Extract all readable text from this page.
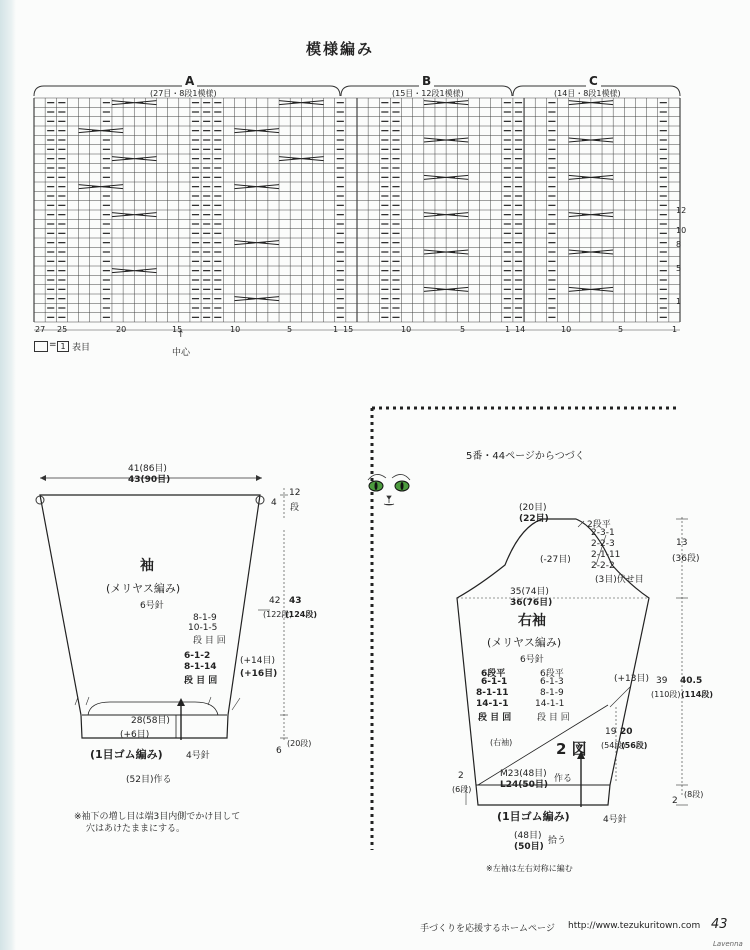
模様編み
A
(27目・8段1模様)
B
(15目・12段1模様)
C
(14目・8段1模様)
27 25	20	15	10	5	1 15	10	5	1 14	10	5	1
12
10
8
5
1
= 1 表目
↑
中心
41(86目)
43(90目)
4
12
段
袖
(メリヤス編み)
6号針
8-1-9
10-1-5
段 目 回
6-1-2
8-1-14
段 目 回
(+14目)
(+16目)
42
(122段)
43
(124段)
28(58目)
(+6目)
(1目ゴム編み)	4号針	6
(20段)
(52目)作る
※袖下の増し目は端3目内側でかけ目して
穴はあけたままにする。
5番・44ページからつづく
(20目)
(22目)
2段平
2-3-1
2-2-3
2-1-11
2-2-2
(3目)伏せ目
(-27目)
13
(36段)
35(74目)
36(76目)
右袖
(メリヤス編み)
6号針
6段平
6-1-1
8-1-11
14-1-1
段 目 回
6段平
6-1-3
8-1-9
14-1-1
段 目 回
(+13目) 39
(110段)
40.5
(114段)
19
(54段)
20
(56段)
(右袖)	2 図
M23(48目)
L24(50目)
作る
(1目ゴム編み)	4号針
2
(6段)
2
(8段)
(48目)
(50目)
拾う
※左袖は左右対称に編む
手づくりを応援するホームページ http://www.tezukuritown.com 43
Lavenna
